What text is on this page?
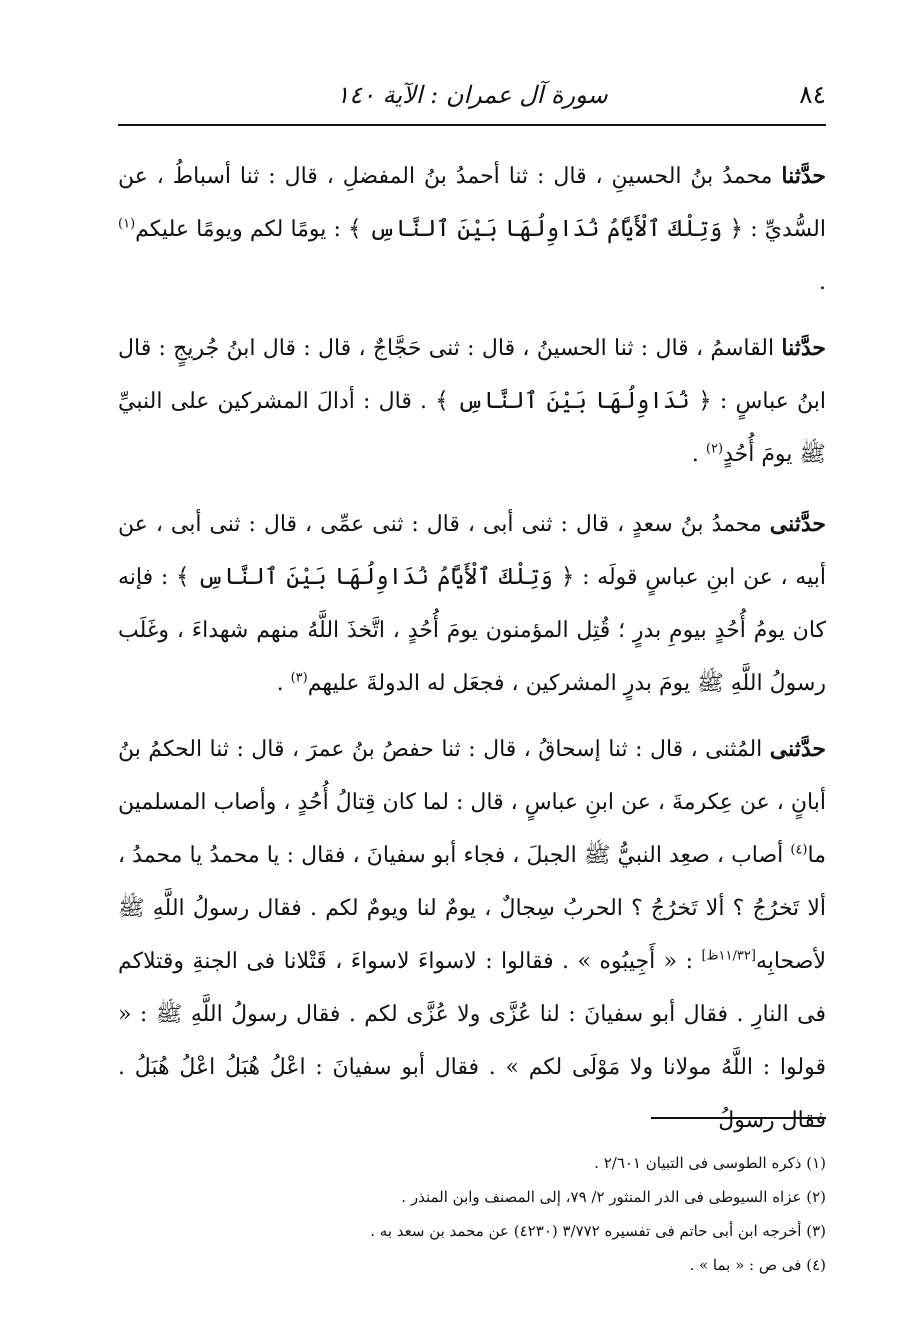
٨٤
سورة آل عمران : الآية ١٤٠

حدَّثنا محمدُ بنُ الحسينِ ، قال : ثنا أحمدُ بنُ المفضلِ ، قال : ثنا أسباطُ ، عن السُّديِّ : ﴿ وَتِلْكَ ٱلْأَيَّامُ نُدَاوِلُهَا بَيْنَ ٱلنَّاسِ ﴾ : يومًا لكم ويومًا عليكم$^{(١)}$ .

حدَّثنا القاسمُ ، قال : ثنا الحسينُ ، قال : ثنى حَجَّاجٌ ، قال : قال ابنُ جُريجٍ : قال ابنُ عباسٍ : ﴿ نُدَاوِلُهَا بَيْنَ ٱلنَّاسِ ﴾ . قال : أدالَ المشركين على النبيِّ ﷺ يومَ أُحُدٍ$^{(٢)}$ .

حدَّثنى محمدُ بنُ سعدٍ ، قال : ثنى أبى ، قال : ثنى عمِّى ، قال : ثنى أبى ، عن أبيه ، عن ابنِ عباسٍ قولَه : ﴿ وَتِلْكَ ٱلْأَيَّامُ نُدَاوِلُهَا بَيْنَ ٱلنَّاسِ ﴾ : فإنه كان يومُ أُحُدٍ بيومِ بدرٍ ؛ قُتِل المؤمنون يومَ أُحُدٍ ، اتَّخذَ اللَّهُ منهم شهداءَ ، وغَلَب رسولُ اللَّهِ ﷺ يومَ بدرٍ المشركين ، فجعَل له الدولةَ عليهم$^{(٣)}$ .

حدَّثنى المُثنى ، قال : ثنا إسحاقُ ، قال : ثنا حفصُ بنُ عمرَ ، قال : ثنا الحكمُ بنُ أبانٍ ، عن عِكرمةَ ، عن ابنِ عباسٍ ، قال : لما كان قِتالُ أُحُدٍ ، وأصاب المسلمين ما$^{(٤)}$ أصاب ، صعِد النبيُّ ﷺ الجبلَ ، فجاء أبو سفيانَ ، فقال : يا محمدُ يا محمدُ ، ألا تَخرُجُ ؟ ألا تَخرُجُ ؟ الحربُ سِجالٌ ، يومٌ لنا ويومٌ لكم . فقال رسولُ اللَّهِ ﷺ لأصحابِه[١١/٣٢ظ] : « أَجِيبُوه » . فقالوا : لاسواءَ لاسواءَ ، قَتْلانا فى الجنةِ وقتلاكم فى النارِ . فقال أبو سفيانَ : لنا عُزَّى ولا عُزَّى لكم . فقال رسولُ اللَّهِ ﷺ : « قولوا : اللَّهُ مولانا ولا مَوْلَى لكم » . فقال أبو سفيانَ : اعْلُ هُبَلُ اعْلُ هُبَلُ . فقال رسولُ

(١) ذكره الطوسى فى التبيان ٢/٦٠١ .

(٢) عزاه السيوطى فى الدر المنثور ٢/ ٧٩، إلى المصنف وابن المنذر .

(٣) أخرجه ابن أبى حاتم فى تفسيره ٣/٧٧٢ (٤٢٣٠) عن محمد بن سعد به .

(٤) فى ص : « بما » .
